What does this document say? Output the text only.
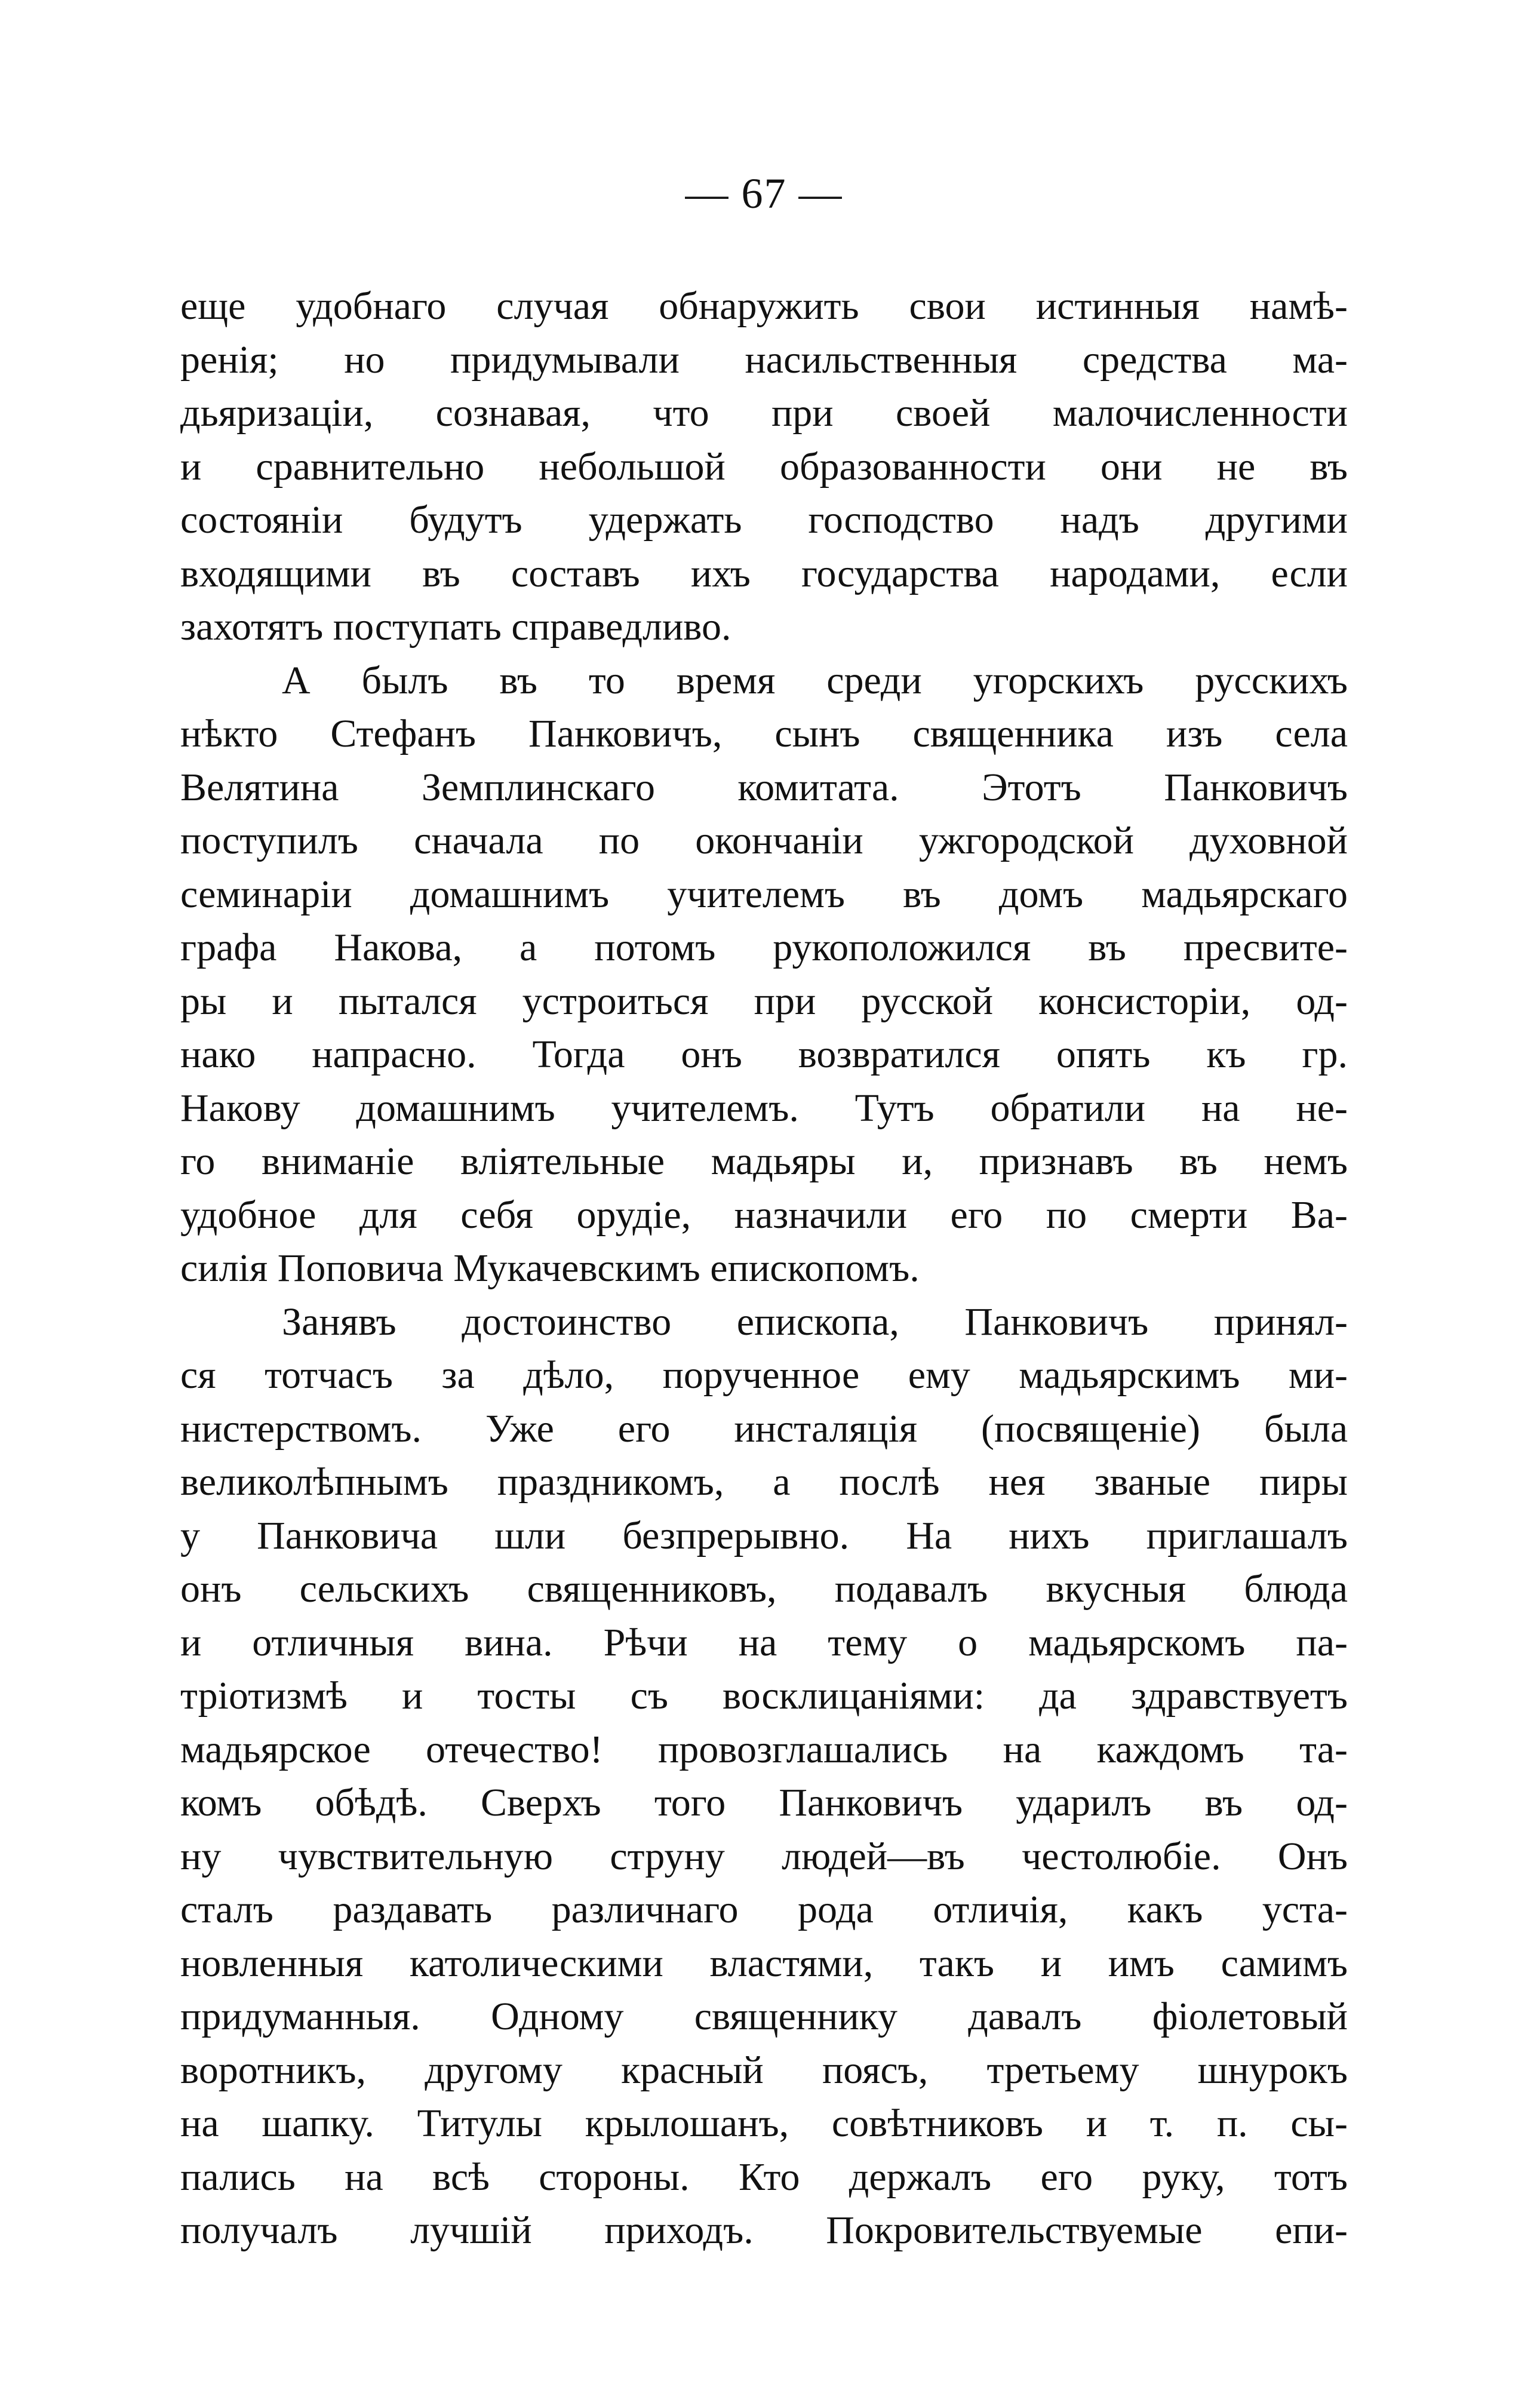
— 67 —
еще удобнаго случая обнаружить свои истинныя намѣ-
ренія; но придумывали насильственныя средства ма-
дьяризаціи, сознавая, что при своей малочисленности
и сравнительно небольшой образованности они не въ
состояніи будутъ удержать господство надъ другими
входящими въ составъ ихъ государства народами, если
захотятъ поступать справедливо.
А былъ въ то время среди угорскихъ русскихъ
нѣкто Стефанъ Панковичъ, сынъ священника изъ села
Велятина Земплинскаго комитата. Этотъ Панковичъ
поступилъ сначала по окончаніи ужгородской духовной
семинаріи домашнимъ учителемъ въ домъ мадьярскаго
графа Накова, а потомъ рукоположился въ пресвите-
ры и пытался устроиться при русской консисторіи, од-
нако напрасно. Тогда онъ возвратился опять къ гр.
Накову домашнимъ учителемъ. Тутъ обратили на не-
го вниманіе вліятельные мадьяры и, признавъ въ немъ
удобное для себя орудіе, назначили его по смерти Ва-
силія Поповича Мукачевскимъ епископомъ.
Занявъ достоинство епископа, Панковичъ принял-
ся тотчасъ за дѣло, порученное ему мадьярскимъ ми-
нистерствомъ. Уже его инсталяція (посвященіе) была
великолѣпнымъ праздникомъ, а послѣ нея званые пиры
у Панковича шли безпрерывно. На нихъ приглашалъ
онъ сельскихъ священниковъ, подавалъ вкусныя блюда
и отличныя вина. Рѣчи на тему о мадьярскомъ па-
тріотизмѣ и тосты съ восклицаніями: да здравствуетъ
мадьярское отечество! провозглашались на каждомъ та-
комъ обѣдѣ. Сверхъ того Панковичъ ударилъ въ од-
ну чувствительную струну людей—въ честолюбіе. Онъ
сталъ раздавать различнаго рода отличія, какъ уста-
новленныя католическими властями, такъ и имъ самимъ
придуманныя. Одному священнику давалъ фіолетовый
воротникъ, другому красный поясъ, третьему шнурокъ
на шапку. Титулы крылошанъ, совѣтниковъ и т. п. сы-
пались на всѣ стороны. Кто держалъ его руку, тотъ
получалъ лучшій приходъ. Покровительствуемые епи-
